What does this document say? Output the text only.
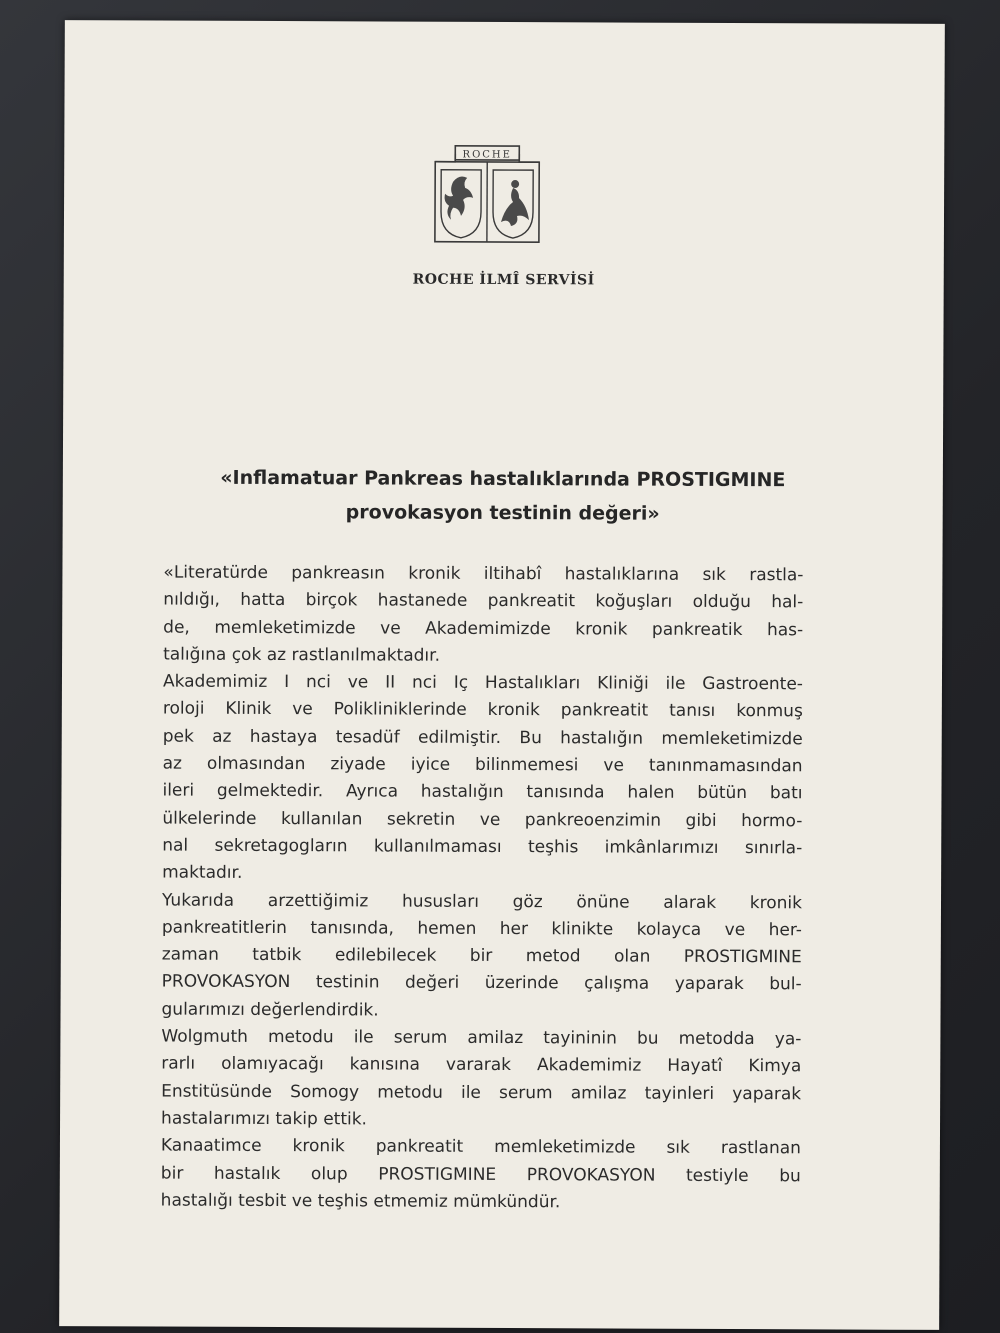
ROCHE
ROCHE İLMÎ SERVİSİ
«Inflamatuar Pankreas hastalıklarında PROSTIGMINE
provokasyon testinin değeri»
«Literatürde pankreasın kronik iltihabî hastalıklarına sık rastla-
nıldığı, hatta birçok hastanede pankreatit koğuşları olduğu hal-
de, memleketimizde ve Akademimizde kronik pankreatik has-
talığına çok az rastlanılmaktadır.
Akademimiz I nci ve II nci Iç Hastalıkları Kliniği ile Gastroente-
roloji Klinik ve Polikliniklerinde kronik pankreatit tanısı konmuş
pek az hastaya tesadüf edilmiştir. Bu hastalığın memleketimizde
az olmasından ziyade iyice bilinmemesi ve tanınmamasından
ileri gelmektedir. Ayrıca hastalığın tanısında halen bütün batı
ülkelerinde kullanılan sekretin ve pankreoenzimin gibi hormo-
nal sekretagogların kullanılmaması teşhis imkânlarımızı sınırla-
maktadır.
Yukarıda arzettiğimiz hususları göz önüne alarak kronik
pankreatitlerin tanısında, hemen her klinikte kolayca ve her-
zaman tatbik edilebilecek bir metod olan PROSTIGMINE
PROVOKASYON testinin değeri üzerinde çalışma yaparak bul-
gularımızı değerlendirdik.
Wolgmuth metodu ile serum amilaz tayininin bu metodda ya-
rarlı olamıyacağı kanısına vararak Akademimiz Hayatî Kimya
Enstitüsünde Somogy metodu ile serum amilaz tayinleri yaparak
hastalarımızı takip ettik.
Kanaatimce kronik pankreatit memleketimizde sık rastlanan
bir hastalık olup PROSTIGMINE PROVOKASYON testiyle bu
hastalığı tesbit ve teşhis etmemiz mümkündür.
